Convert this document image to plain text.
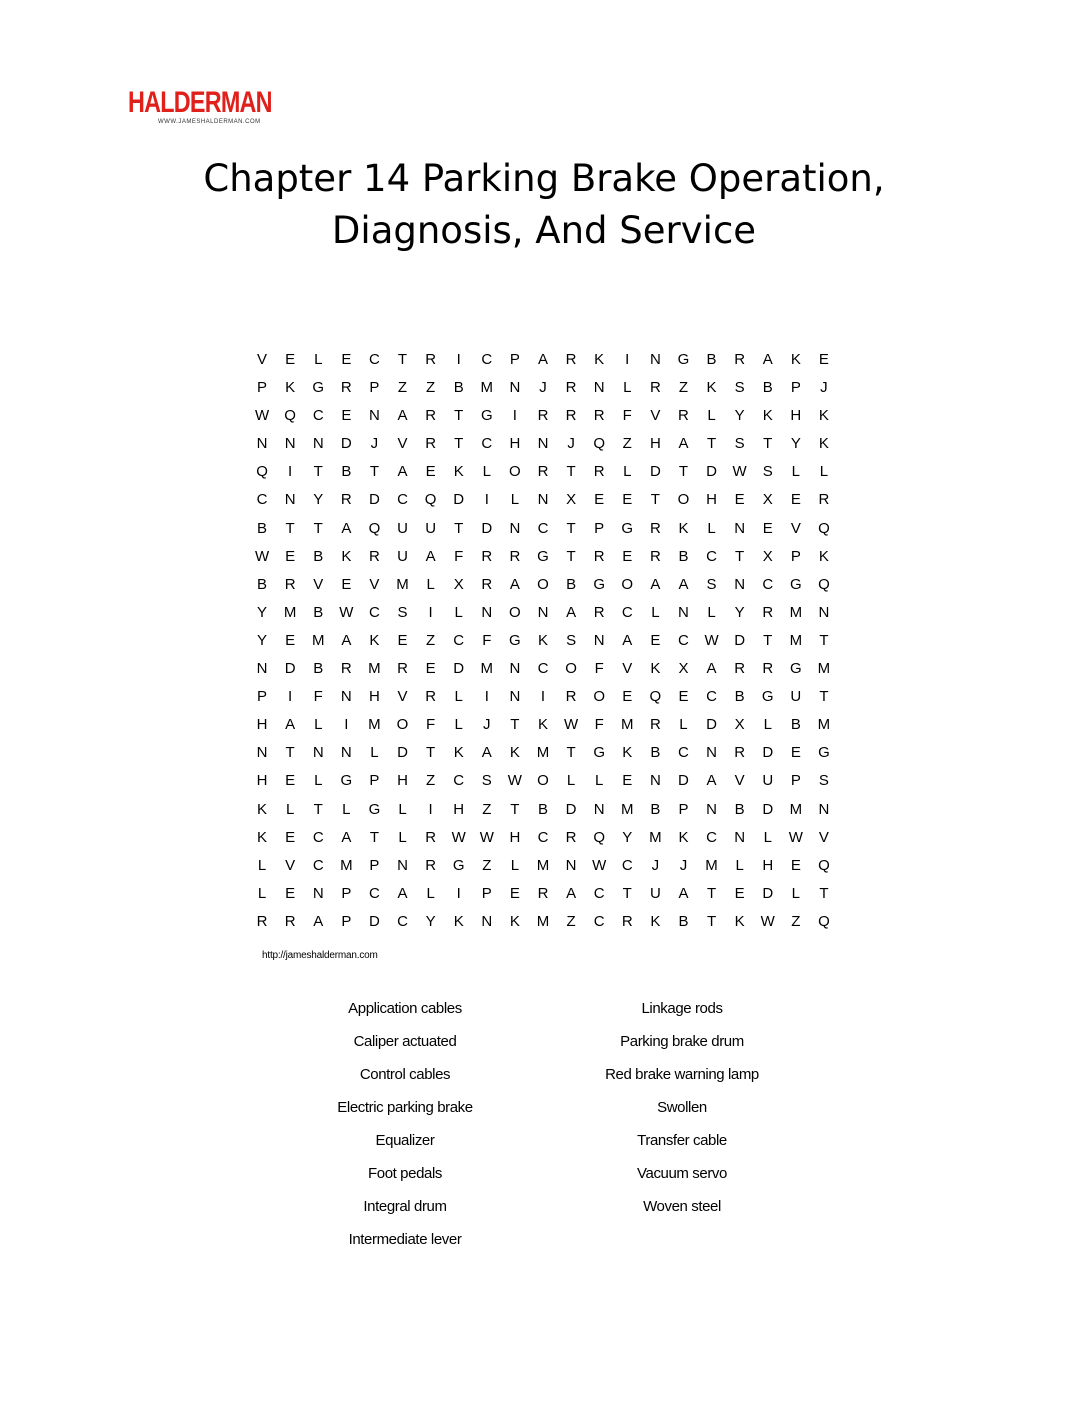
HALDERMAN
WWW.JAMESHALDERMAN.COM
Chapter 14 Parking Brake Operation,
Diagnosis, And Service
V	E	L	E	C	T	R	I	C	P	A	R	K	I	N	G	B	R	A	K	E
P	K	G	R	P	Z	Z	B	M	N	J	R	N	L	R	Z	K	S	B	P	J
W	Q	C	E	N	A	R	T	G	I	R	R	R	F	V	R	L	Y	K	H	K
N	N	N	D	J	V	R	T	C	H	N	J	Q	Z	H	A	T	S	T	Y	K
Q	I	T	B	T	A	E	K	L	O	R	T	R	L	D	T	D	W	S	L	L
C	N	Y	R	D	C	Q	D	I	L	N	X	E	E	T	O	H	E	X	E	R
B	T	T	A	Q	U	U	T	D	N	C	T	P	G	R	K	L	N	E	V	Q
W	E	B	K	R	U	A	F	R	R	G	T	R	E	R	B	C	T	X	P	K
B	R	V	E	V	M	L	X	R	A	O	B	G	O	A	A	S	N	C	G	Q
Y	M	B	W	C	S	I	L	N	O	N	A	R	C	L	N	L	Y	R	M	N
Y	E	M	A	K	E	Z	C	F	G	K	S	N	A	E	C	W	D	T	M	T
N	D	B	R	M	R	E	D	M	N	C	O	F	V	K	X	A	R	R	G	M
P	I	F	N	H	V	R	L	I	N	I	R	O	E	Q	E	C	B	G	U	T
H	A	L	I	M	O	F	L	J	T	K	W	F	M	R	L	D	X	L	B	M
N	T	N	N	L	D	T	K	A	K	M	T	G	K	B	C	N	R	D	E	G
H	E	L	G	P	H	Z	C	S	W	O	L	L	E	N	D	A	V	U	P	S
K	L	T	L	G	L	I	H	Z	T	B	D	N	M	B	P	N	B	D	M	N
K	E	C	A	T	L	R	W W	H	C	R	Q	Y	M	K	C	N	L	W	V
L	V	C	M	P	N	R	G	Z	L	M	N	W	C	J	J	M	L	H	E	Q
L	E	N	P	C	A	L	I	P	E	R	A	C	T	U	A	T	E	D	L	T
R	R	A	P	D	C	Y	K	N	K	M	Z	C	R	K	B	T	K	W	Z	Q
http://jameshalderman.com
Application cables
Caliper actuated
Control cables
Electric parking brake
Equalizer
Foot pedals
Integral drum
Intermediate lever
Linkage rods
Parking brake drum
Red brake warning lamp
Swollen
Transfer cable
Vacuum servo
Woven steel
